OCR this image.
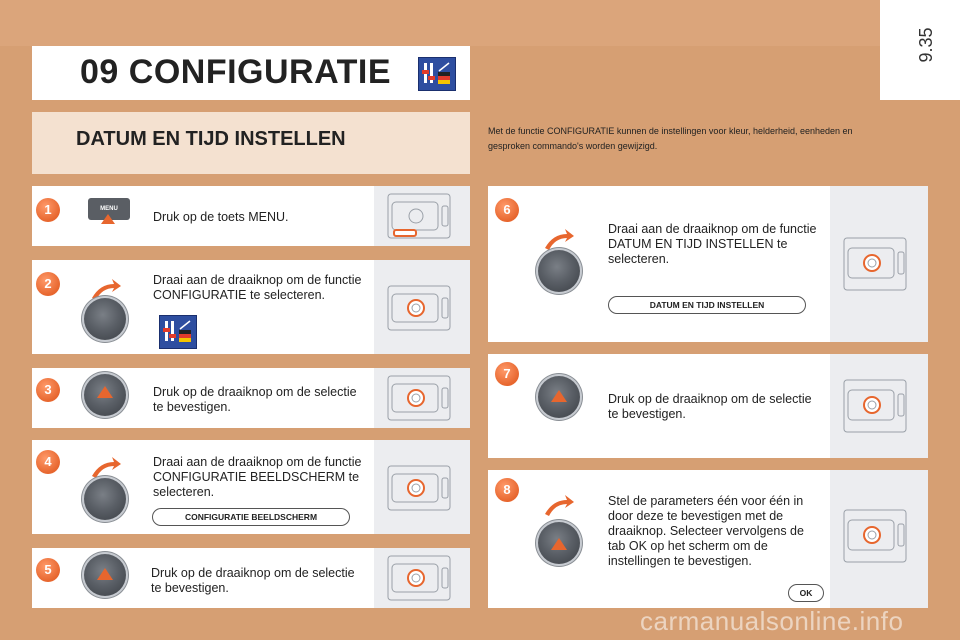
9.35
09 CONFIGURATIE
DATUM EN TIJD INSTELLEN	Met de functie CONFIGURATIE kunnen de instellingen voor kleur, helderheid, eenheden en gesproken commando's worden gewijzigd.
1	MENU
Druk op de toets MENU.
2	Draai aan de draaiknop om de functie CONFIGURATIE te selecteren.
3	Druk op de draaiknop om de selectie te bevestigen.
4	Draai aan de draaiknop om de functie CONFIGURATIE BEELDSCHERM te selecteren.
CONFIGURATIE BEELDSCHERM
5	Druk op de draaiknop om de selectie te bevestigen.
6
Draai aan de draaiknop om de functie DATUM EN TIJD INSTELLEN te selecteren.
DATUM EN TIJD INSTELLEN
7
Druk op de draaiknop om de selectie te bevestigen.
8
Stel de parameters één voor één in door deze te bevestigen met de draaiknop. Selecteer vervolgens de tab OK op het scherm om de instellingen te bevestigen.
OK
carmanualsonline.info
